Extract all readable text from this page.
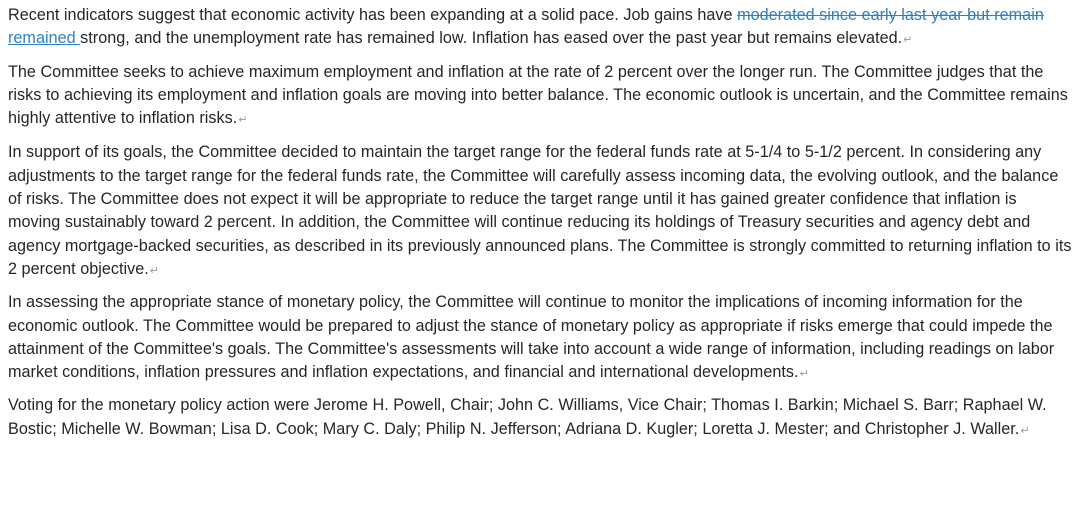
Recent indicators suggest that economic activity has been expanding at a solid pace. Job gains have moderated since early last year but remain remained strong, and the unemployment rate has remained low. Inflation has eased over the past year but remains elevated.↵

The Committee seeks to achieve maximum employment and inflation at the rate of 2 percent over the longer run. The Committee judges that the risks to achieving its employment and inflation goals are moving into better balance. The economic outlook is uncertain, and the Committee remains highly attentive to inflation risks.↵

In support of its goals, the Committee decided to maintain the target range for the federal funds rate at 5-1/4 to 5-1/2 percent. In considering any adjustments to the target range for the federal funds rate, the Committee will carefully assess incoming data, the evolving outlook, and the balance of risks. The Committee does not expect it will be appropriate to reduce the target range until it has gained greater confidence that inflation is moving sustainably toward 2 percent. In addition, the Committee will continue reducing its holdings of Treasury securities and agency debt and agency mortgage-backed securities, as described in its previously announced plans. The Committee is strongly committed to returning inflation to its 2 percent objective.↵

In assessing the appropriate stance of monetary policy, the Committee will continue to monitor the implications of incoming information for the economic outlook. The Committee would be prepared to adjust the stance of monetary policy as appropriate if risks emerge that could impede the attainment of the Committee's goals. The Committee's assessments will take into account a wide range of information, including readings on labor market conditions, inflation pressures and inflation expectations, and financial and international developments.↵

Voting for the monetary policy action were Jerome H. Powell, Chair; John C. Williams, Vice Chair; Thomas I. Barkin; Michael S. Barr; Raphael W. Bostic; Michelle W. Bowman; Lisa D. Cook; Mary C. Daly; Philip N. Jefferson; Adriana D. Kugler; Loretta J. Mester; and Christopher J. Waller.↵
